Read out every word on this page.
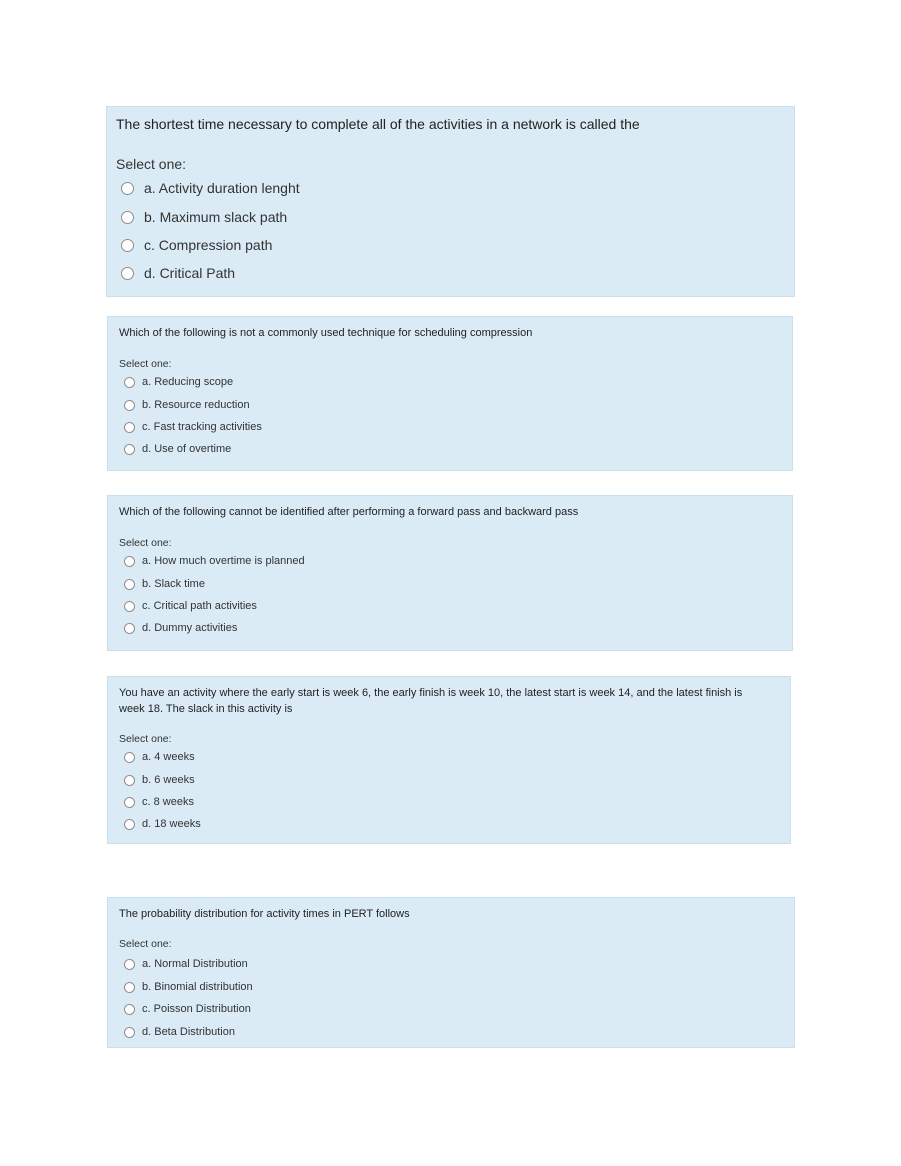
The shortest time necessary to complete all of the activities in a network is called the
Select one:
a. Activity duration lenght
b. Maximum slack path
c. Compression path
d. Critical Path
Which of the following is not a commonly used technique for scheduling compression
Select one:
a. Reducing scope
b. Resource reduction
c. Fast tracking activities
d. Use of overtime
Which of the following cannot be identified after performing a forward pass and backward pass
Select one:
a. How much overtime is planned
b. Slack time
c. Critical path activities
d. Dummy activities
You have an activity where the early start is week 6, the early finish is week 10, the latest start is week 14, and the latest finish is week 18. The slack in this activity is
Select one:
a. 4 weeks
b. 6 weeks
c. 8 weeks
d. 18 weeks
The probability distribution for activity times in PERT follows
Select one:
a. Normal Distribution
b. Binomial distribution
c. Poisson Distribution
d. Beta Distribution
